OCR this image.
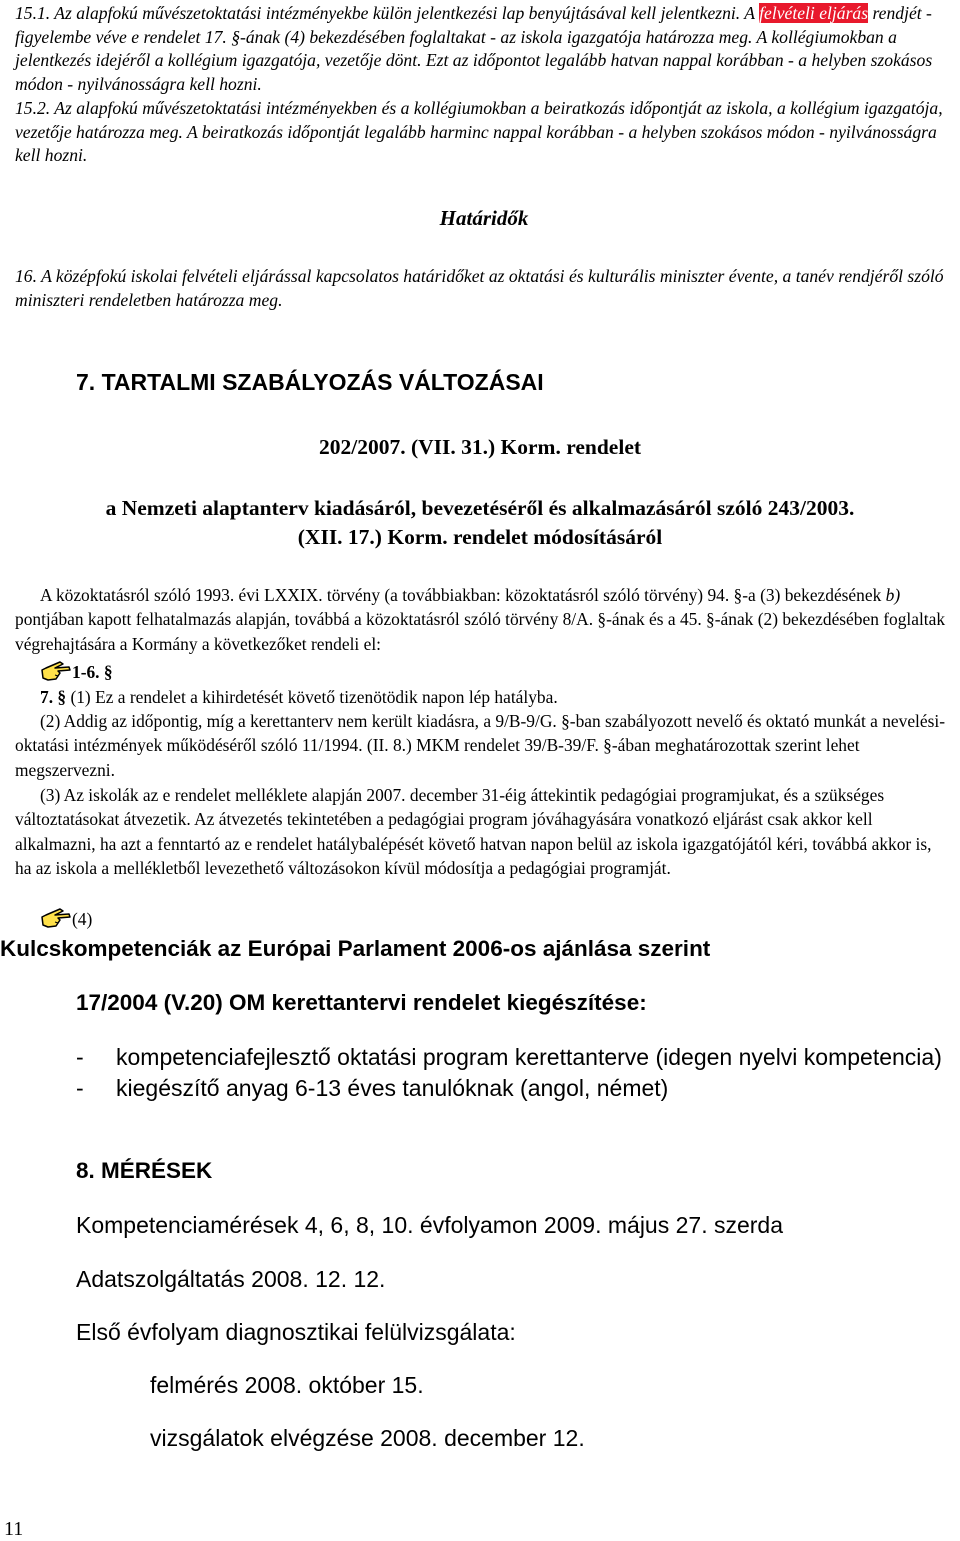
15.1. Az alapfokú művészetoktatási intézményekbe külön jelentkezési lap benyújtásával kell jelentkezni. A felvételi eljárás rendjét - figyelembe véve e rendelet 17. §-ának (4) bekezdésében foglaltakat - az iskola igazgatója határozza meg. A kollégiumokban a jelentkezés idejéről a kollégium igazgatója, vezetője dönt. Ezt az időpontot legalább hatvan nappal korábban - a helyben szokásos módon - nyilvánosságra kell hozni.

15.2. Az alapfokú művészetoktatási intézményekben és a kollégiumokban a beiratkozás időpontját az iskola, a kollégium igazgatója, vezetője határozza meg. A beiratkozás időpontját legalább harminc nappal korábban - a helyben szokásos módon - nyilvánosságra kell hozni.

Határidők

16. A középfokú iskolai felvételi eljárással kapcsolatos határidőket az oktatási és kulturális miniszter évente, a tanév rendjéről szóló miniszteri rendeletben határozza meg.

7. TARTALMI SZABÁLYOZÁS VÁLTOZÁSAI

202/2007. (VII. 31.) Korm. rendelet

a Nemzeti alaptanterv kiadásáról, bevezetéséről és alkalmazásáról szóló 243/2003.

(XII. 17.) Korm. rendelet módosításáról

A közoktatásról szóló 1993. évi LXXIX. törvény (a továbbiakban: közoktatásról szóló törvény) 94. §-a (3) bekezdésének b) pontjában kapott felhatalmazás alapján, továbbá a közoktatásról szóló törvény 8/A. §-ának és a 45. §-ának (2) bekezdésében foglaltak végrehajtására a Kormány a következőket rendeli el:

1-6. §

7. § (1) Ez a rendelet a kihirdetését követő tizenötödik napon lép hatályba.

(2) Addig az időpontig, míg a kerettanterv nem került kiadásra, a 9/B-9/G. §-ban szabályozott nevelő és oktató munkát a nevelési-oktatási intézmények működéséről szóló 11/1994. (II. 8.) MKM rendelet 39/B-39/F. §-ában meghatározottak szerint lehet megszervezni.

(3) Az iskolák az e rendelet melléklete alapján 2007. december 31-éig áttekintik pedagógiai programjukat, és a szükséges változtatásokat átvezetik. Az átvezetés tekintetében a pedagógiai program jóváhagyására vonatkozó eljárást csak akkor kell alkalmazni, ha azt a fenntartó az e rendelet hatálybalépését követő hatvan napon belül az iskola igazgatójától kéri, továbbá akkor is, ha az iskola a mellékletből levezethető változásokon kívül módosítja a pedagógiai programját.

(4)

Kulcskompetenciák az Európai Parlament 2006-os ajánlása szerint

17/2004 (V.20) OM kerettantervi rendelet kiegészítése:

-	kompetenciafejlesztő oktatási program kerettanterve (idegen nyelvi kompetencia)
-	kiegészítő anyag 6-13 éves tanulóknak (angol, német)

8. MÉRÉSEK

Kompetenciamérések 4, 6, 8, 10. évfolyamon 2009. május 27. szerda

Adatszolgáltatás 2008. 12. 12.

Első évfolyam diagnosztikai felülvizsgálata:

felmérés 2008. október 15.

vizsgálatok elvégzése 2008. december 12.

11
